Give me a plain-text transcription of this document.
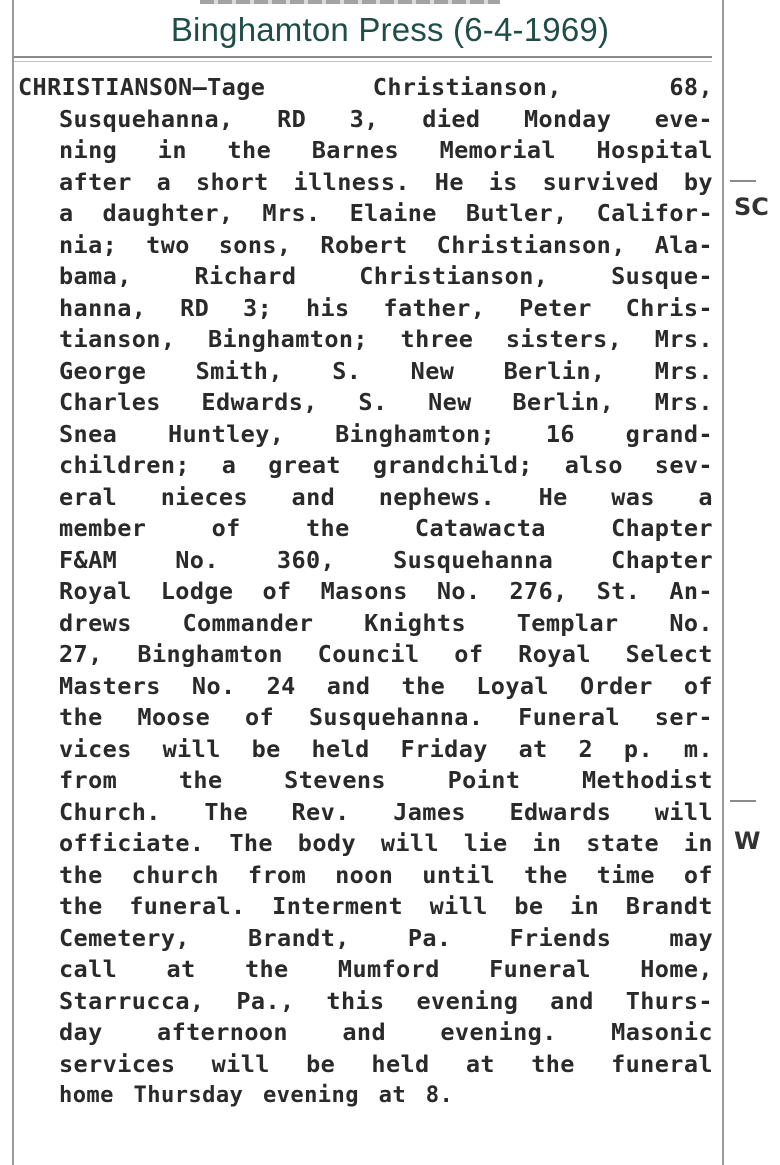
Binghamton Press (6-4-1969)
SC
W
CHRISTIANSON—Tage	Christianson,	68,
Susquehanna, RD 3, died Monday eve-
ning in the Barnes Memorial Hospital
after a short illness. He is survived by
a daughter, Mrs. Elaine Butler, Califor-
nia; two sons, Robert Christianson, Ala-
bama,	Richard	Christianson,	Susque-
hanna, RD 3; his father, Peter Chris-
tianson, Binghamton; three sisters, Mrs.
George Smith, S. New Berlin, Mrs.
Charles Edwards, S. New Berlin, Mrs.
Snea Huntley, Binghamton; 16 grand-
children; a great grandchild; also sev-
eral nieces and nephews. He was a
member	of	the	Catawacta	Chapter
F&AM No. 360, Susquehanna Chapter
Royal Lodge of Masons No. 276, St. An-
drews Commander Knights Templar No.
27, Binghamton Council of Royal Select
Masters No. 24 and the Loyal Order of
the Moose of Susquehanna. Funeral ser-
vices will be held Friday at 2 p. m.
from	the	Stevens	Point	Methodist
Church. The Rev. James Edwards will
officiate. The body will lie in state in
the church from noon until the time of
the funeral. Interment will be in Brandt
Cemetery, Brandt, Pa. Friends may
call at the Mumford Funeral Home,
Starrucca, Pa., this evening and Thurs-
day afternoon and evening. Masonic
services will be held at the funeral
home Thursday evening at 8.
